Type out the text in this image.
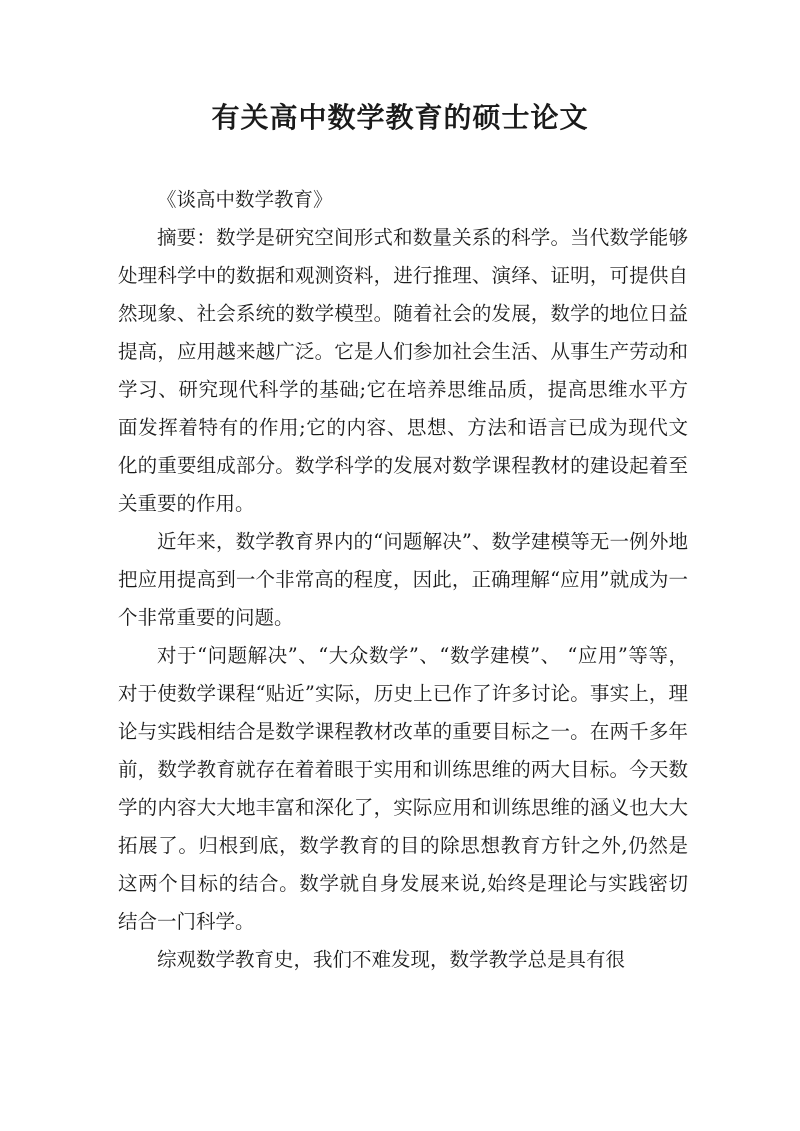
有关高中数学教育的硕士论文

《谈高中数学教育》

摘要：数学是研究空间形式和数量关系的科学。当代数学能够处理科学中的数据和观测资料，进行推理、演绎、证明，可提供自然现象、社会系统的数学模型。随着社会的发展，数学的地位日益提高，应用越来越广泛。它是人们参加社会生活、从事生产劳动和学习、研究现代科学的基础;它在培养思维品质，提高思维水平方面发挥着特有的作用;它的内容、思想、方法和语言已成为现代文化的重要组成部分。数学科学的发展对数学课程教材的建设起着至关重要的作用。

近年来，数学教育界内的“问题解决”、数学建模等无一例外地把应用提高到一个非常高的程度，因此，正确理解“应用”就成为一个非常重要的问题。

对于“问题解决”、“大众数学”、“数学建模”、 “应用”等等，对于使数学课程“贴近”实际，历史上已作了许多讨论。事实上，理论与实践相结合是数学课程教材改革的重要目标之一。在两千多年前，数学教育就存在着着眼于实用和训练思维的两大目标。今天数学的内容大大地丰富和深化了，实际应用和训练思维的涵义也大大拓展了。归根到底，数学教育的目的除思想教育方针之外,仍然是这两个目标的结合。数学就自身发展来说,始终是理论与实践密切结合一门科学。

综观数学教育史，我们不难发现，数学教学总是具有很
